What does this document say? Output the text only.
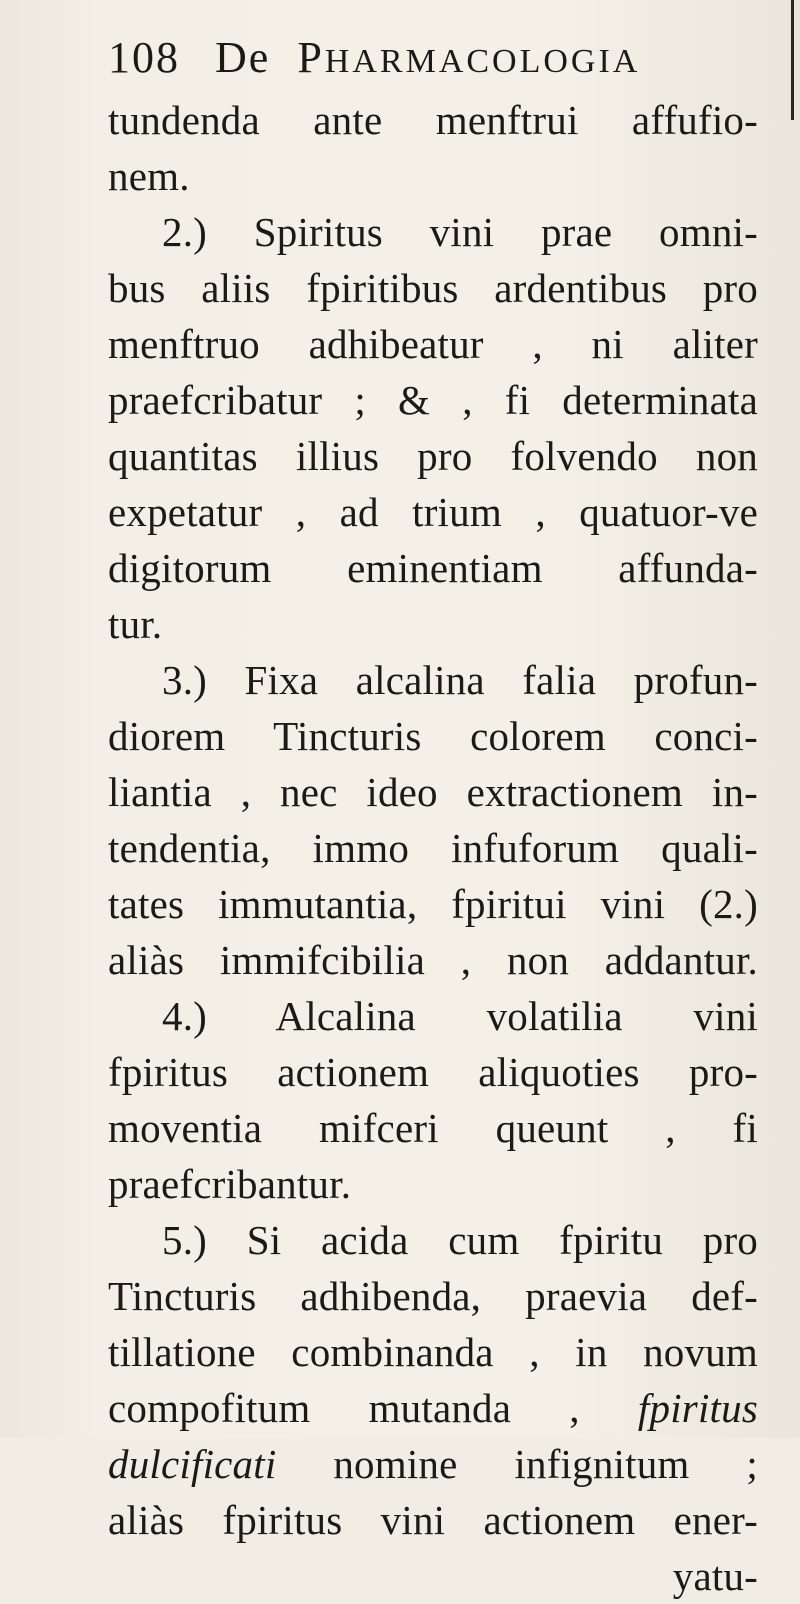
108 De PHARMACOLOGIA
tundenda ante menftrui affufio-
nem.
2.) Spiritus vini prae omni-
bus aliis fpiritibus ardentibus pro
menftruo adhibeatur , ni aliter
praefcribatur ; & , fi determinata
quantitas illius pro folvendo non
expetatur , ad trium , quatuor-ve
digitorum eminentiam affunda-
tur.
3.) Fixa alcalina falia profun-
diorem Tincturis colorem conci-
liantia , nec ideo extractionem in-
tendentia, immo infuforum quali-
tates immutantia, fpiritui vini (2.)
aliàs immifcibilia , non addantur.
4.) Alcalina volatilia vini
fpiritus actionem aliquoties pro-
moventia mifceri queunt , fi
praefcribantur.
5.) Si acida cum fpiritu pro
Tincturis adhibenda, praevia def-
tillatione combinanda , in novum
compofitum mutanda , fpiritus
dulcificati nomine infignitum ;
aliàs fpiritus vini actionem ener-
yatu-
